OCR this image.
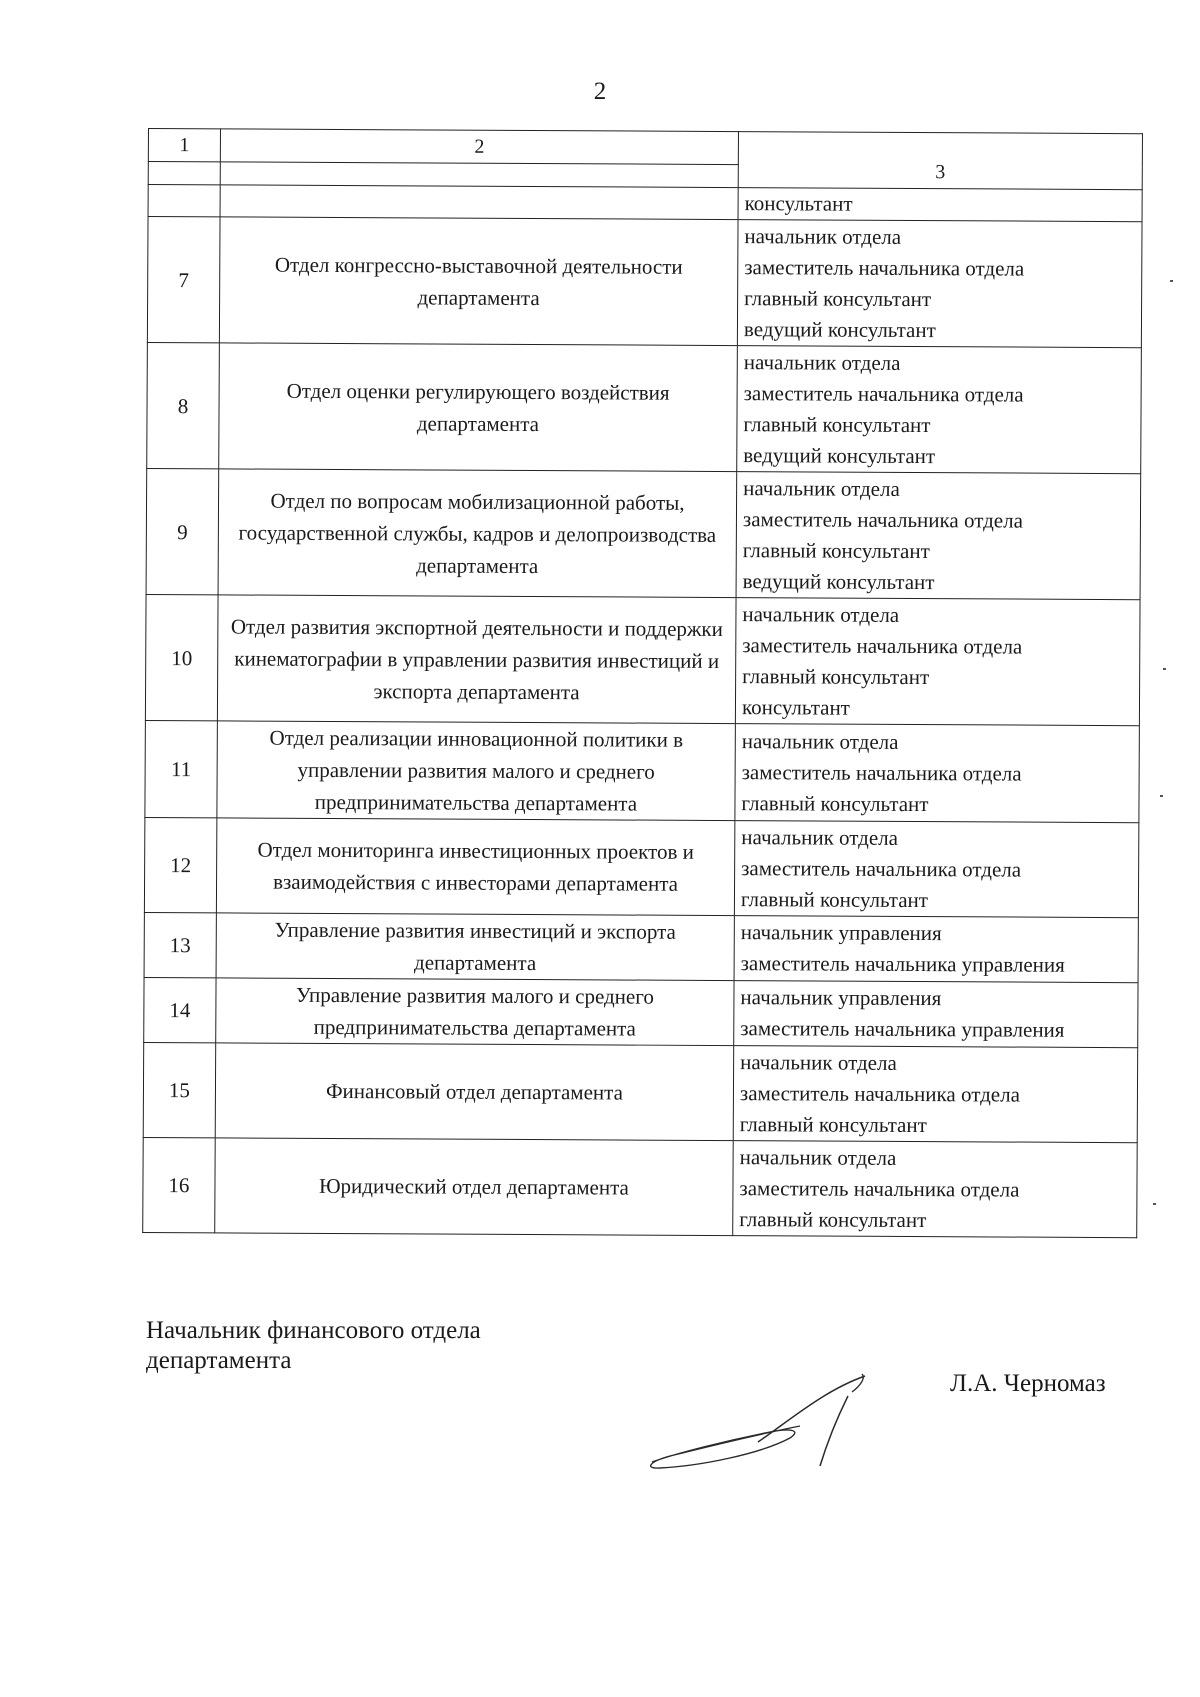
2
1	2	3

		консультант

7	Отдел конгрессно-выставочной деятельности департамента	начальник отдела
заместитель начальника отдела
главный консультант
ведущий консультант

8	Отдел оценки регулирующего воздействия департамента	начальник отдела
заместитель начальника отдела
главный консультант
ведущий консультант

9	Отдел по вопросам мобилизационной работы, государственной службы, кадров и делопроизводства департамента	начальник отдела
заместитель начальника отдела
главный консультант
ведущий консультант

10	Отдел развития экспортной деятельности и поддержки кинематографии в управлении развития инвестиций и экспорта департамента	начальник отдела
заместитель начальника отдела
главный консультант
консультант

11	Отдел реализации инновационной политики в управлении развития малого и среднего предпринимательства департамента	начальник отдела
заместитель начальника отдела
главный консультант

12	Отдел мониторинга инвестиционных проектов и взаимодействия с инвесторами департамента	начальник отдела
заместитель начальника отдела
главный консультант

13	Управление развития инвестиций и экспорта департамента	начальник управления
заместитель начальника управления

14	Управление развития малого и среднего предпринимательства департамента	начальник управления
заместитель начальника управления

15	Финансовый отдел департамента	начальник отдела
заместитель начальника отдела
главный консультант

16	Юридический отдел департамента	начальник отдела
заместитель начальника отдела
главный консультант
Начальник финансового отдела
департамента
Л.А. Черномаз
